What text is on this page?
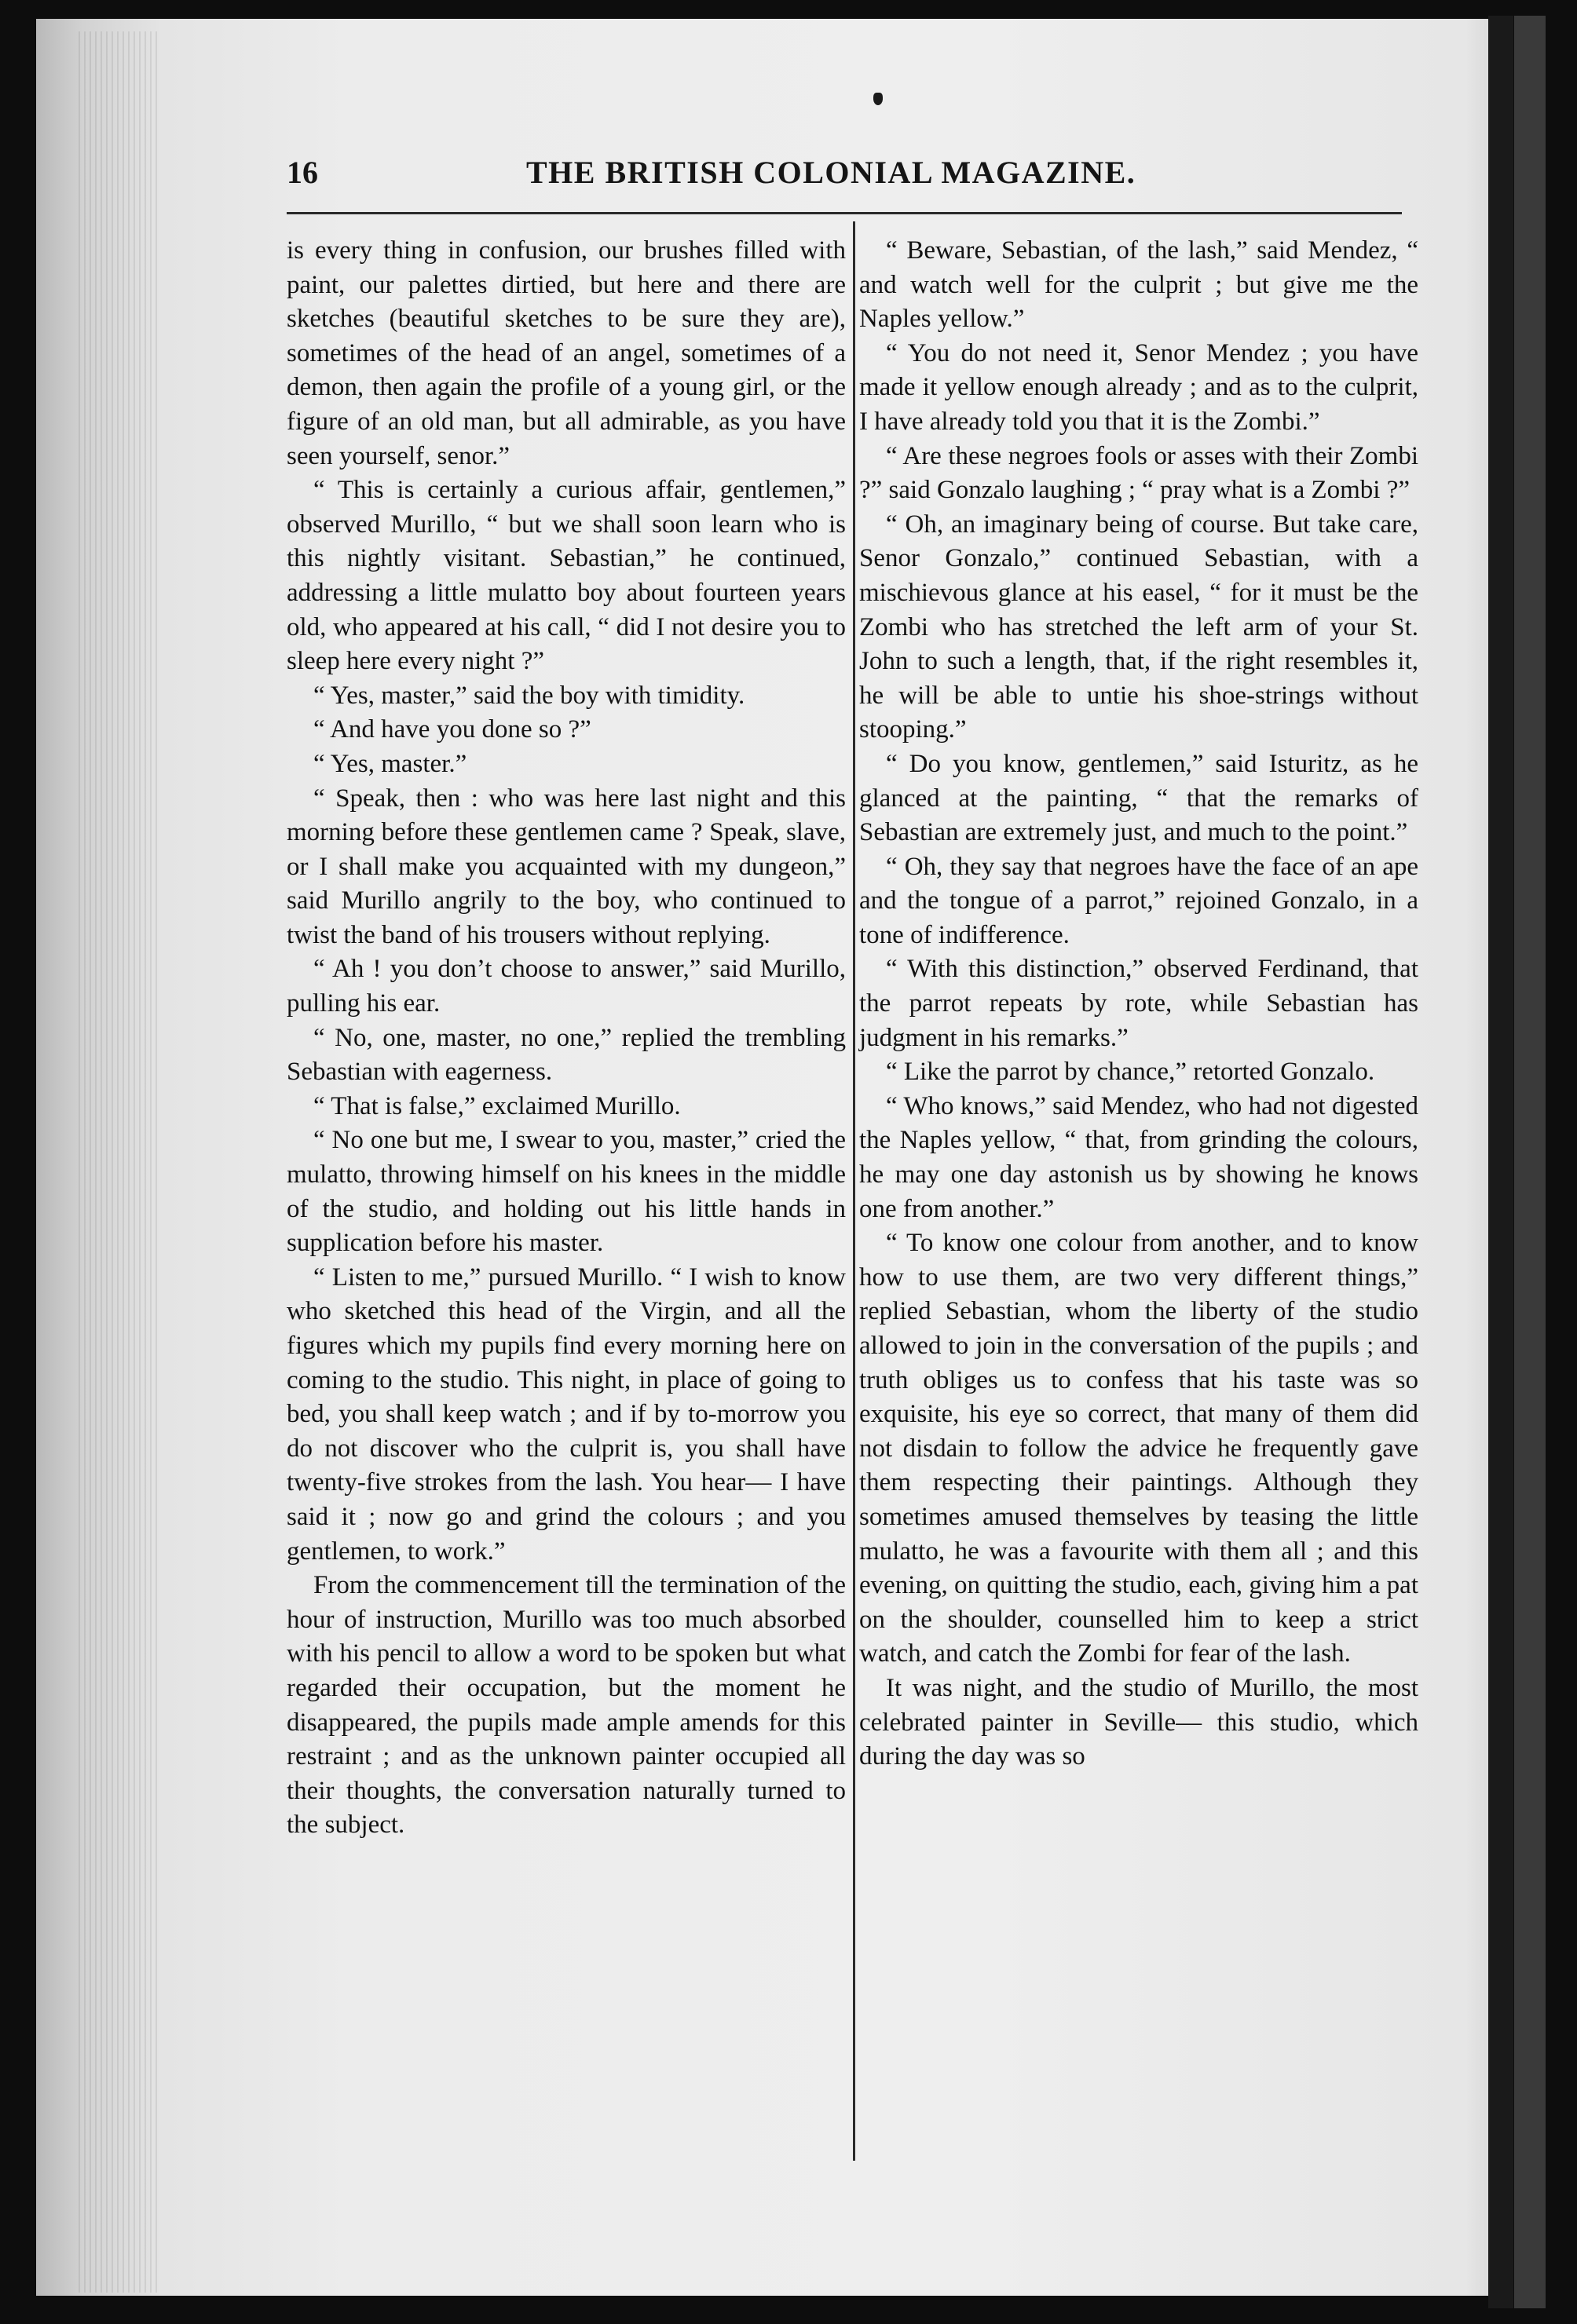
16	THE BRITISH COLONIAL MAGAZINE.

is every thing in confusion, our brushes filled with paint, our palettes dirtied, but here and there are sketches (beautiful sketches to be sure they are), sometimes of the head of an angel, sometimes of a demon, then again the profile of a young girl, or the figure of an old man, but all admirable, as you have seen yourself, senor.”

“ This is certainly a curious affair, gentlemen,” observed Murillo, “ but we shall soon learn who is this nightly visitant. Sebastian,” he continued, addressing a little mulatto boy about fourteen years old, who appeared at his call, “ did I not desire you to sleep here every night ?”

“ Yes, master,” said the boy with timidity.

“ And have you done so ?”

“ Yes, master.”

“ Speak, then : who was here last night and this morning before these gentlemen came ? Speak, slave, or I shall make you acquainted with my dungeon,” said Murillo angrily to the boy, who continued to twist the band of his trousers without replying.

“ Ah ! you don’t choose to answer,” said Murillo, pulling his ear.

“ No, one, master, no one,” replied the trembling Sebastian with eagerness.

“ That is false,” exclaimed Murillo.

“ No one but me, I swear to you, master,” cried the mulatto, throwing himself on his knees in the middle of the studio, and holding out his little hands in supplication before his master.

“ Listen to me,” pursued Murillo. “ I wish to know who sketched this head of the Virgin, and all the figures which my pupils find every morning here on coming to the studio. This night, in place of going to bed, you shall keep watch ; and if by to-morrow you do not discover who the culprit is, you shall have twenty-five strokes from the lash. You hear— I have said it ; now go and grind the colours ; and you gentlemen, to work.”

From the commencement till the termination of the hour of instruction, Murillo was too much absorbed with his pencil to allow a word to be spoken but what regarded their occupation, but the moment he disappeared, the pupils made ample amends for this restraint ; and as the unknown painter occupied all their thoughts, the conversation naturally turned to the subject.

“ Beware, Sebastian, of the lash,” said Mendez, “ and watch well for the culprit ; but give me the Naples yellow.”

“ You do not need it, Senor Mendez ; you have made it yellow enough already ; and as to the culprit, I have already told you that it is the Zombi.”

“ Are these negroes fools or asses with their Zombi ?” said Gonzalo laughing ; “ pray what is a Zombi ?”

“ Oh, an imaginary being of course. But take care, Senor Gonzalo,” continued Sebastian, with a mischievous glance at his easel, “ for it must be the Zombi who has stretched the left arm of your St. John to such a length, that, if the right resembles it, he will be able to untie his shoe-strings without stooping.”

“ Do you know, gentlemen,” said Isturitz, as he glanced at the painting, “ that the remarks of Sebastian are extremely just, and much to the point.”

“ Oh, they say that negroes have the face of an ape and the tongue of a parrot,” rejoined Gonzalo, in a tone of indifference.

“ With this distinction,” observed Ferdinand, that the parrot repeats by rote, while Sebastian has judgment in his remarks.”

“ Like the parrot by chance,” retorted Gonzalo.

“ Who knows,” said Mendez, who had not digested the Naples yellow, “ that, from grinding the colours, he may one day astonish us by showing he knows one from another.”

“ To know one colour from another, and to know how to use them, are two very different things,” replied Sebastian, whom the liberty of the studio allowed to join in the conversation of the pupils ; and truth obliges us to confess that his taste was so exquisite, his eye so correct, that many of them did not disdain to follow the advice he frequently gave them respecting their paintings. Although they sometimes amused themselves by teasing the little mulatto, he was a favourite with them all ; and this evening, on quitting the studio, each, giving him a pat on the shoulder, counselled him to keep a strict watch, and catch the Zombi for fear of the lash.

It was night, and the studio of Murillo, the most celebrated painter in Seville— this studio, which during the day was so
